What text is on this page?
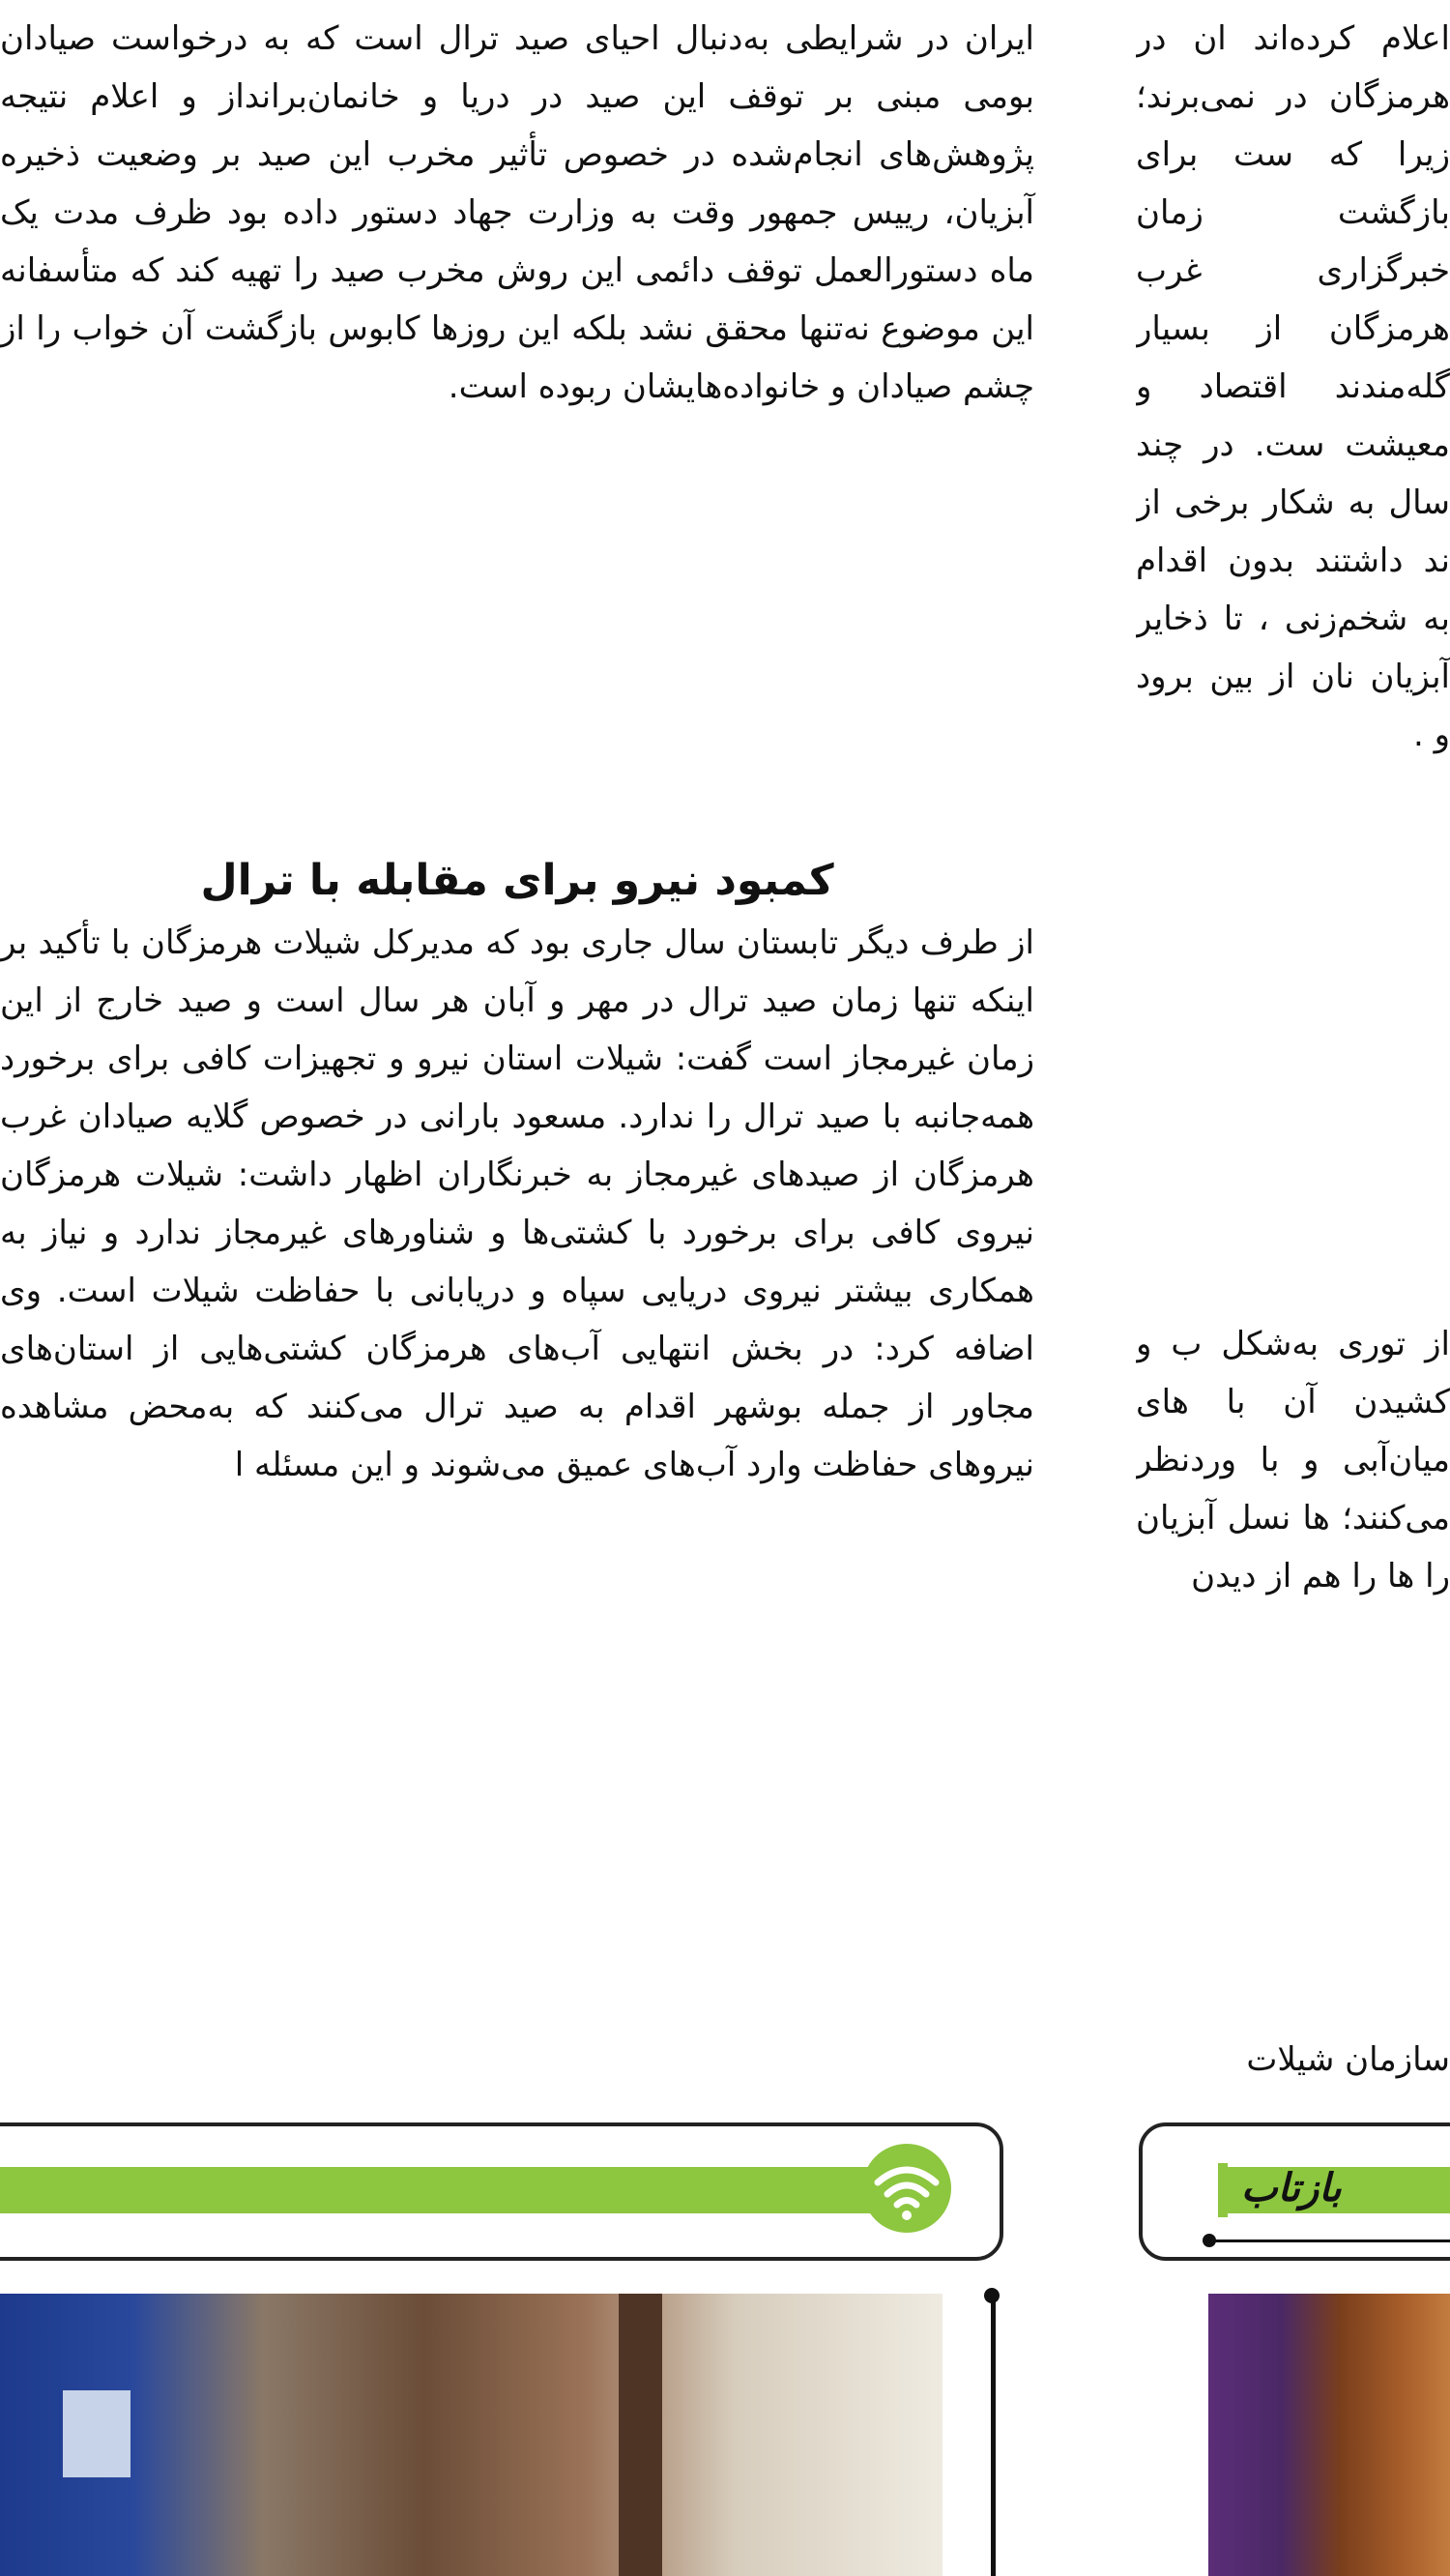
ایران در شرایطی به‌دنبال احیای صید ترال است که به درخواست صیادان بومی مبنی بر توقف این صید در دریا و خانمان‌برانداز و اعلام نتیجه پژوهش‌های انجام‌شده در خصوص تأثیر مخرب این صید بر وضعیت ذخیره آبزیان، رییس جمهور وقت به وزارت جهاد دستور داده بود ظرف مدت یک ماه دستورالعمل توقف دائمی این روش مخرب صید را تهیه کند که متأسفانه این موضوع نه‌تنها محقق نشد بلکه این روزها کابوس بازگشت آن خواب را از چشم صیادان و خانواده‌هایشان ربوده است.

کمبود نیرو برای مقابله با ترال

از طرف دیگر تابستان سال جاری بود که مدیرکل شیلات هرمزگان با تأکید بر اینکه تنها زمان صید ترال در مهر و آبان هر سال است و صید خارج از این زمان غیرمجاز است گفت: شیلات استان نیرو و تجهیزات کافی برای برخورد همه‌جانبه با صید ترال را ندارد. مسعود بارانی در خصوص گلایه صیادان غرب هرمزگان از صیدهای غیرمجاز به خبرنگاران اظهار داشت: شیلات هرمزگان نیروی کافی برای برخورد با کشتی‌ها و شناورهای غیرمجاز ندارد و نیاز به همکاری بیشتر نیروی دریایی سپاه و دریابانی با حفاظت شیلات است. وی اضافه کرد: در بخش انتهایی آب‌های هرمزگان کشتی‌هایی از استان‌های مجاور از جمله بوشهر اقدام به صید ترال می‌کنند که به‌محض مشاهده نیروهای حفاظت وارد آب‌های عمیق می‌شوند و این مسئله ا

اعلام کرده‌اند ان در هرمزگان در نمی‌برند؛ زیرا که ست برای بازگشت زمان خبرگزاری غرب هرمزگان از بسیار گله‌مندند اقتصاد و معیشت ست. در چند سال به شکار برخی از ند داشتند بدون اقدام به شخم‌زنی ، تا ذخایر آبزیان نان از بین برود و .

از توری به‌شکل ب و کشیدن آن با های میان‌آبی و با وردنظر می‌کنند؛ ها نسل آبزیان را ها را هم از دیدن

سازمان شیلات

بازتاب
